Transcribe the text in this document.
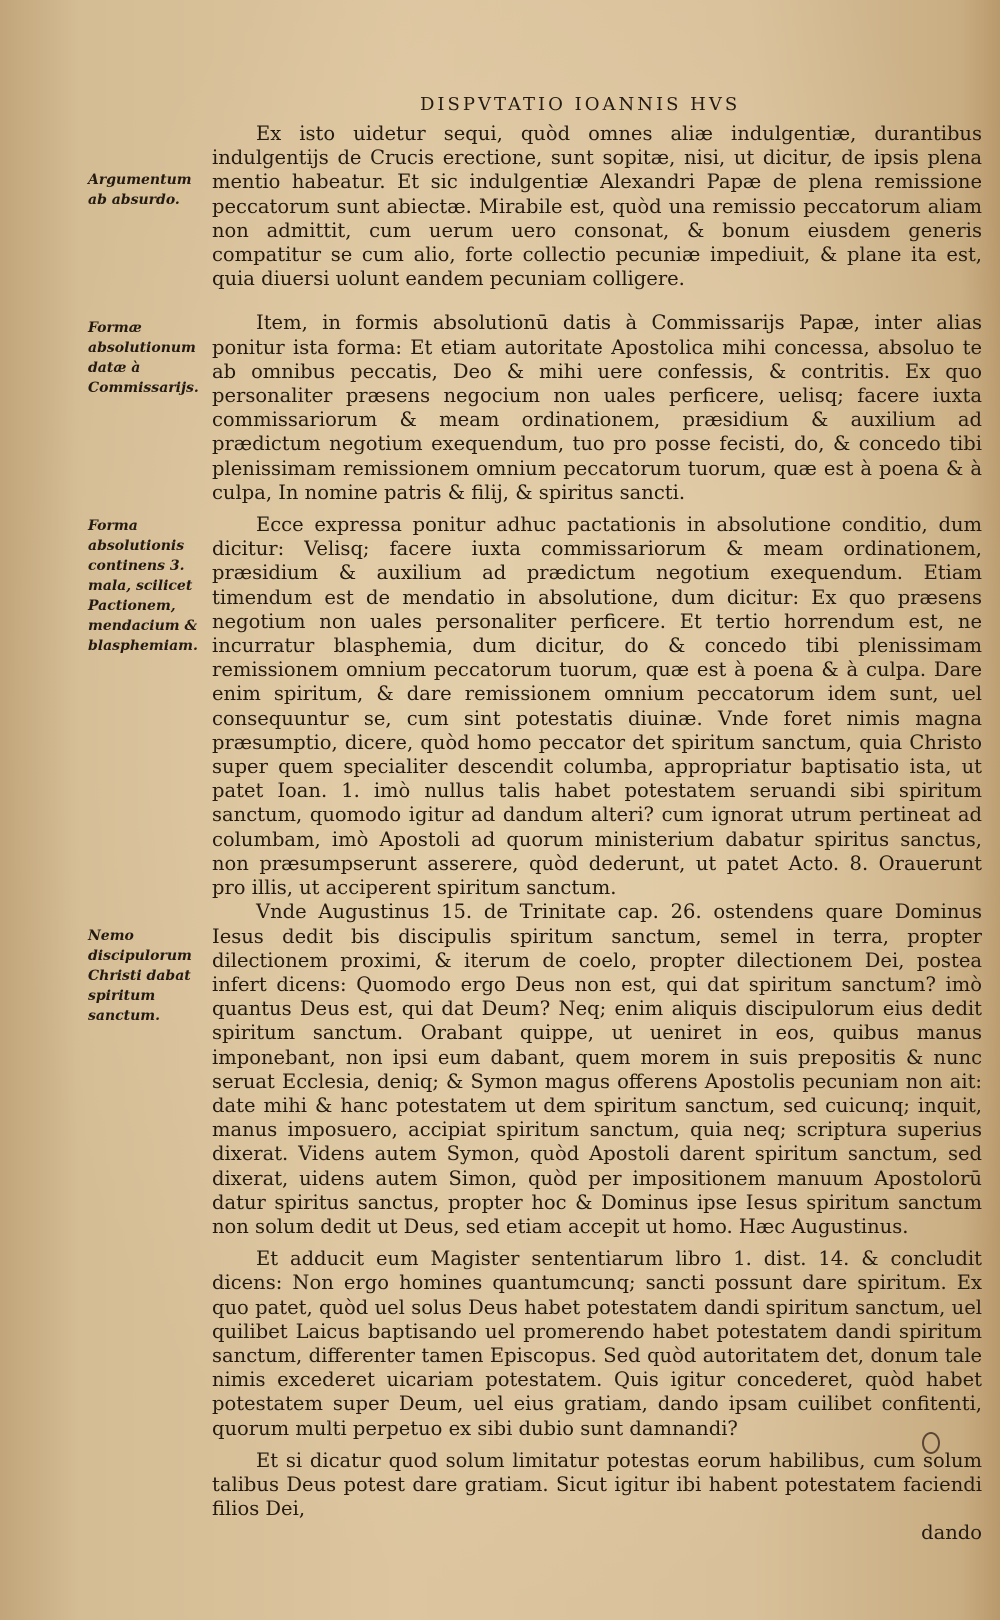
DISPVTATIO IOANNIS HVS
Argumentum ab absurdo.
Formæ absolutionum datæ à Commissarijs.
Forma absolutionis continens 3. mala, scilicet Pactionem, mendacium & blasphemiam.
Nemo discipulorum Christi dabat spiritum sanctum.

Ex isto uidetur sequi, quòd omnes aliæ indulgentiæ, durantibus indulgentijs de Crucis erectione, sunt sopitæ, nisi, ut dicitur, de ipsis plena mentio habeatur. Et sic indulgentiæ Alexandri Papæ de plena remissione peccatorum sunt abiectæ. Mirabile est, quòd una remissio peccatorum aliam non admittit, cum uerum uero consonat, & bonum eiusdem generis compatitur se cum alio, forte collectio pecuniæ impediuit, & plane ita est, quia diuersi uolunt eandem pecuniam colligere.

Item, in formis absolutionū datis à Commissarijs Papæ, inter alias ponitur ista forma: Et etiam autoritate Apostolica mihi concessa, absoluo te ab omnibus peccatis, Deo & mihi uere confessis, & contritis. Ex quo personaliter præsens negocium non uales perficere, uelisq; facere iuxta commissariorum & meam ordinationem, præsidium & auxilium ad prædictum negotium exequendum, tuo pro posse fecisti, do, & concedo tibi plenissimam remissionem omnium peccatorum tuorum, quæ est à poena & à culpa, In nomine patris & filij, & spiritus sancti.

Ecce expressa ponitur adhuc pactationis in absolutione conditio, dum dicitur: Velisq; facere iuxta commissariorum & meam ordinationem, præsidium & auxilium ad prædictum negotium exequendum. Etiam timendum est de mendatio in absolutione, dum dicitur: Ex quo præsens negotium non uales personaliter perficere. Et tertio horrendum est, ne incurratur blasphemia, dum dicitur, do & concedo tibi plenissimam remissionem omnium peccatorum tuorum, quæ est à poena & à culpa. Dare enim spiritum, & dare remissionem omnium peccatorum idem sunt, uel consequuntur se, cum sint potestatis diuinæ. Vnde foret nimis magna præsumptio, dicere, quòd homo peccator det spiritum sanctum, quia Christo super quem specialiter descendit columba, appropriatur baptisatio ista, ut patet Ioan. 1. imò nullus talis habet potestatem seruandi sibi spiritum sanctum, quomodo igitur ad dandum alteri? cum ignorat utrum pertineat ad columbam, imò Apostoli ad quorum ministerium dabatur spiritus sanctus, non præsumpserunt asserere, quòd dederunt, ut patet Acto. 8. Orauerunt pro illis, ut acciperent spiritum sanctum.

Vnde Augustinus 15. de Trinitate cap. 26. ostendens quare Dominus Iesus dedit bis discipulis spiritum sanctum, semel in terra, propter dilectionem proximi, & iterum de coelo, propter dilectionem Dei, postea infert dicens: Quomodo ergo Deus non est, qui dat spiritum sanctum? imò quantus Deus est, qui dat Deum? Neq; enim aliquis discipulorum eius dedit spiritum sanctum. Orabant quippe, ut ueniret in eos, quibus manus imponebant, non ipsi eum dabant, quem morem in suis prepositis & nunc seruat Ecclesia, deniq; & Symon magus offerens Apostolis pecuniam non ait: date mihi & hanc potestatem ut dem spiritum sanctum, sed cuicunq; inquit, manus imposuero, accipiat spiritum sanctum, quia neq; scriptura superius dixerat. Videns autem Symon, quòd Apostoli darent spiritum sanctum, sed dixerat, uidens autem Simon, quòd per impositionem manuum Apostolorū datur spiritus sanctus, propter hoc & Dominus ipse Iesus spiritum sanctum non solum dedit ut Deus, sed etiam accepit ut homo. Hæc Augustinus.

Et adducit eum Magister sententiarum libro 1. dist. 14. & concludit dicens: Non ergo homines quantumcunq; sancti possunt dare spiritum. Ex quo patet, quòd uel solus Deus habet potestatem dandi spiritum sanctum, uel quilibet Laicus baptisando uel promerendo habet potestatem dandi spiritum sanctum, differenter tamen Episcopus. Sed quòd autoritatem det, donum tale nimis excederet uicariam potestatem. Quis igitur concederet, quòd habet potestatem super Deum, uel eius gratiam, dando ipsam cuilibet confitenti, quorum multi perpetuo ex sibi dubio sunt damnandi?

Et si dicatur quod solum limitatur potestas eorum habilibus, cum solum talibus Deus potest dare gratiam. Sicut igitur ibi habent potestatem faciendi filios Dei,

dando
